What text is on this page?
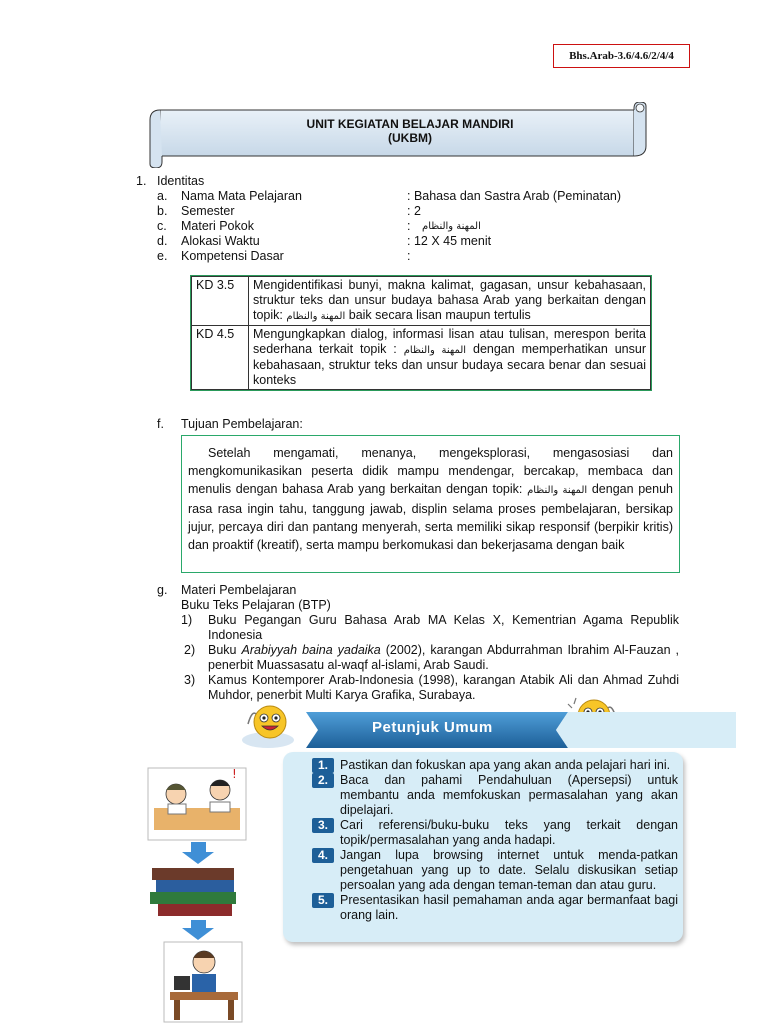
Bhs.Arab-3.6/4.6/2/4/4
UNIT KEGIATAN BELAJAR MANDIRI
(UKBM)
1. Identitas
a. Nama Mata Pelajaran	: Bahasa dan Sastra Arab (Peminatan)
b. Semester	: 2
c. Materi Pokok	: المهنة والنظام
d. Alokasi Waktu	: 12 X 45 menit
e. Kompetensi Dasar	:
KD 3.5	Mengidentifikasi bunyi, makna kalimat, gagasan, unsur kebahasaan, struktur teks dan unsur budaya bahasa Arab yang berkaitan dengan topik: المهنة والنظام baik secara lisan maupun tertulis
KD 4.5	Mengungkapkan dialog, informasi lisan atau tulisan, merespon berita sederhana terkait topik : المهنة والنظام dengan memperhatikan unsur kebahasaan, struktur teks dan unsur budaya secara benar dan sesuai konteks
f. Tujuan Pembelajaran:
Setelah mengamati, menanya, mengeksplorasi, mengasosiasi dan mengkomunikasikan peserta didik mampu mendengar, bercakap, membaca dan menulis dengan bahasa Arab yang berkaitan dengan topik: المهنة والنظام dengan penuh rasa rasa ingin tahu, tanggung jawab, displin selama proses pembelajaran, bersikap jujur, percaya diri dan pantang menyerah, serta memiliki sikap responsif (berpikir kritis) dan proaktif (kreatif), serta mampu berkomukasi dan bekerjasama dengan baik
g. Materi Pembelajaran
Buku Teks Pelajaran (BTP)
1) Buku Pegangan Guru Bahasa Arab MA Kelas X, Kementrian Agama Republik Indonesia
2) Buku Arabiyyah baina yadaika (2002), karangan Abdurrahman Ibrahim Al-Fauzan , penerbit Muassasatu al-waqf al-islami, Arab Saudi.
3) Kamus Kontemporer Arab-Indonesia (1998), karangan Atabik Ali dan Ahmad Zuhdi Muhdor, penerbit Multi Karya Grafika, Surabaya.
!
Petunjuk Umum
1. Pastikan dan fokuskan apa yang akan anda pelajari hari ini.
2. Baca dan pahami Pendahuluan (Apersepsi) untuk membantu anda memfokuskan permasalahan yang akan dipelajari.
3. Cari referensi/buku-buku teks yang terkait dengan topik/permasalahan yang anda hadapi.
4. Jangan lupa browsing internet untuk menda-patkan pengetahuan yang up to date. Selalu diskusikan setiap persoalan yang ada dengan teman-teman dan atau guru.
5. Presentasikan hasil pemahaman anda agar bermanfaat bagi orang lain.
